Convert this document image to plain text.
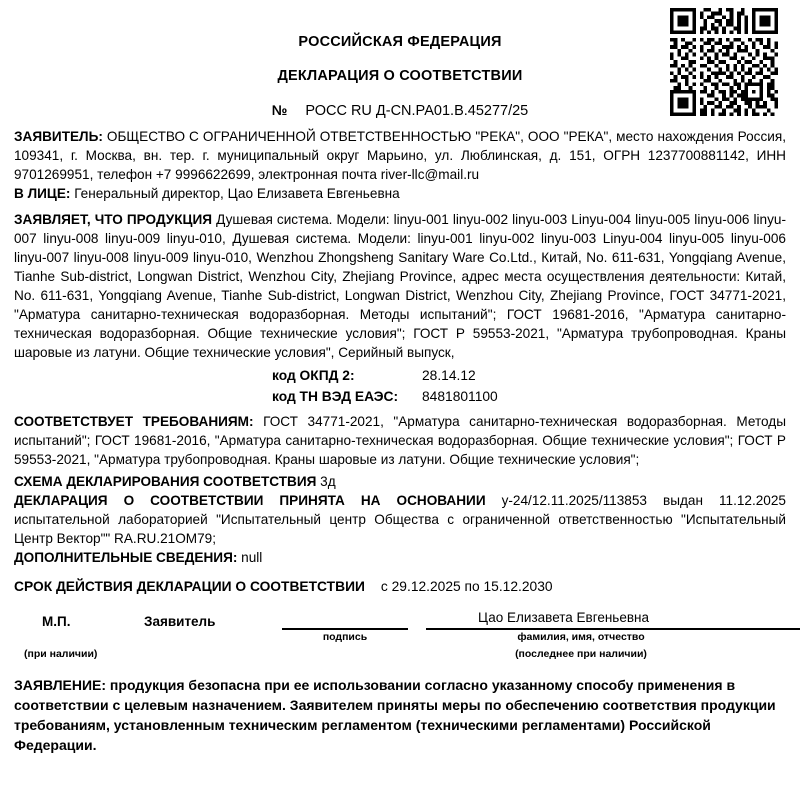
РОССИЙСКАЯ ФЕДЕРАЦИЯ
ДЕКЛАРАЦИЯ О СООТВЕТСТВИИ
№ РОСС RU Д-CN.РА01.В.45277/25

ЗАЯВИТЕЛЬ: ОБЩЕСТВО С ОГРАНИЧЕННОЙ ОТВЕТСТВЕННОСТЬЮ "РЕКА", ООО "РЕКА", место нахождения Россия, 109341, г. Москва, вн. тер. г. муниципальный округ Марьино, ул. Люблинская, д. 151, ОГРН 1237700881142, ИНН 9701269951, телефон +7 9996622699, электронная почта river-llc@mail.ru

В ЛИЦЕ: Генеральный директор, Цао Елизавета Евгеньевна

ЗАЯВЛЯЕТ, ЧТО ПРОДУКЦИЯ Душевая система. Модели: linyu-001 linyu-002 linyu-003 Linyu-004 linyu-005 linyu-006 linyu-007 linyu-008 linyu-009 linyu-010, Душевая система. Модели: linyu-001 linyu-002 linyu-003 Linyu-004 linyu-005 linyu-006 linyu-007 linyu-008 linyu-009 linyu-010, Wenzhou Zhongsheng Sanitary Ware Co.Ltd., Китай, No. 611-631, Yongqiang Avenue, Tianhe Sub-district, Longwan District, Wenzhou City, Zhejiang Province, адрес места осуществления деятельности: Китай, No. 611-631, Yongqiang Avenue, Tianhe Sub-district, Longwan District, Wenzhou City, Zhejiang Province, ГОСТ 34771-2021, "Арматура санитарно-техническая водоразборная. Методы испытаний"; ГОСТ 19681-2016, "Арматура санитарно-техническая водоразборная. Общие технические условия"; ГОСТ Р 59553-2021, "Арматура трубопроводная. Краны шаровые из латуни. Общие технические условия", Серийный выпуск,

код ОКПД 2:	28.14.12
код ТН ВЭД ЕАЭС:	8481801100

СООТВЕТСТВУЕТ ТРЕБОВАНИЯМ: ГОСТ 34771-2021, "Арматура санитарно-техническая водоразборная. Методы испытаний"; ГОСТ 19681-2016, "Арматура санитарно-техническая водоразборная. Общие технические условия"; ГОСТ Р 59553-2021, "Арматура трубопроводная. Краны шаровые из латуни. Общие технические условия";

СХЕМА ДЕКЛАРИРОВАНИЯ СООТВЕТСТВИЯ 3д

ДЕКЛАРАЦИЯ О СООТВЕТСТВИИ ПРИНЯТА НА ОСНОВАНИИ у-24/12.11.2025/113853 выдан 11.12.2025 испытательной лабораторией "Испытательный центр Общества с ограниченной ответственностью "Испытательный Центр Вектор"" RA.RU.21ОМ79;

ДОПОЛНИТЕЛЬНЫЕ СВЕДЕНИЯ: null

СРОК ДЕЙСТВИЯ ДЕКЛАРАЦИИ О СООТВЕТСТВИИ с 29.12.2025 по 15.12.2030
М.П.
(при наличии)
Заявитель
подпись
Цао Елизавета Евгеньевна
фамилия, имя, отчество
(последнее при наличии)
ЗАЯВЛЕНИЕ: продукция безопасна при ее использовании согласно указанному способу применения в соответствии с целевым назначением. Заявителем приняты меры по обеспечению соответствия продукции требованиям, установленным техническим регламентом (техническими регламентами) Российской Федерации.
